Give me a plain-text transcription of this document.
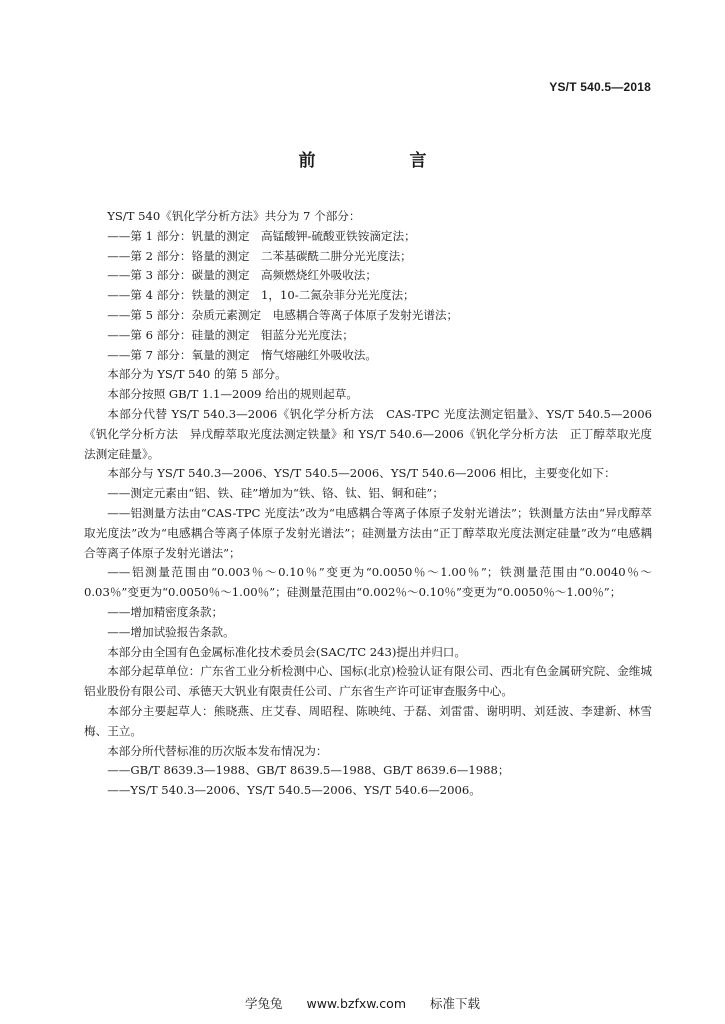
YS/T 540.5—2018
前 言

YS/T 540《钒化学分析方法》共分为 7 个部分：

——第 1 部分：钒量的测定　高锰酸钾-硫酸亚铁铵滴定法；

——第 2 部分：铬量的测定　二苯基碳酰二肼分光光度法；

——第 3 部分：碳量的测定　高频燃烧红外吸收法；

——第 4 部分：铁量的测定　1，10-二氮杂菲分光光度法；

——第 5 部分：杂质元素测定　电感耦合等离子体原子发射光谱法；

——第 6 部分：硅量的测定　钼蓝分光光度法；

——第 7 部分：氧量的测定　惰气熔融红外吸收法。

本部分为 YS/T 540 的第 5 部分。

本部分按照 GB/T 1.1—2009 给出的规则起草。

本部分代替 YS/T 540.3—2006《钒化学分析方法　CAS-TPC 光度法测定铝量》、YS/T 540.5—2006《钒化学分析方法　异戊醇萃取光度法测定铁量》和 YS/T 540.6—2006《钒化学分析方法　正丁醇萃取光度法测定硅量》。

本部分与 YS/T 540.3—2006、YS/T 540.5—2006、YS/T 540.6—2006 相比，主要变化如下：

——测定元素由“铝、铁、硅”增加为“铁、铬、钛、铝、铜和硅”；

——铝测量方法由“CAS-TPC 光度法”改为“电感耦合等离子体原子发射光谱法”；铁测量方法由“异戊醇萃取光度法”改为“电感耦合等离子体原子发射光谱法”；硅测量方法由“正丁醇萃取光度法测定硅量”改为“电感耦合等离子体原子发射光谱法”；

——铝测量范围由“0.003％～0.10％”变更为“0.0050％～1.00％”；铁测量范围由“0.0040％～0.03％”变更为“0.0050％～1.00％”；硅测量范围由“0.002％～0.10％”变更为“0.0050％～1.00％”；

——增加精密度条款；

——增加试验报告条款。

本部分由全国有色金属标准化技术委员会(SAC/TC 243)提出并归口。

本部分起草单位：广东省工业分析检测中心、国标(北京)检验认证有限公司、西北有色金属研究院、金维城铝业股份有限公司、承德天大钒业有限责任公司、广东省生产许可证审查服务中心。

本部分主要起草人：熊晓燕、庄艾春、周昭程、陈映纯、于磊、刘雷雷、谢明明、刘廷波、李建新、林雪梅、王立。

本部分所代替标准的历次版本发布情况为：

——GB/T 8639.3—1988、GB/T 8639.5—1988、GB/T 8639.6—1988；

——YS/T 540.3—2006、YS/T 540.5—2006、YS/T 540.6—2006。

学兔兔 www.bzfxw.com 标准下载
